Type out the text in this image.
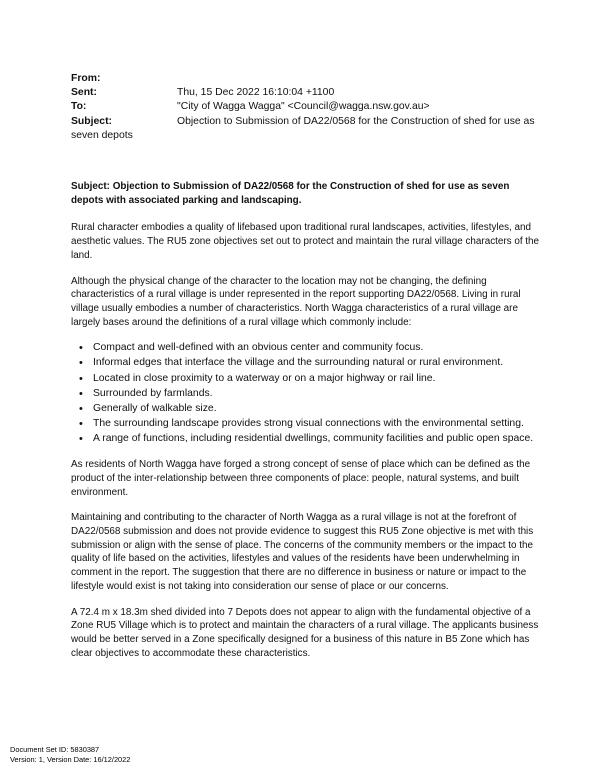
From:
Sent:	Thu, 15 Dec 2022 16:10:04 +1100
To:	"City of Wagga Wagga" <Council@wagga.nsw.gov.au>
Subject:	Objection to Submission of DA22/0568 for the Construction of shed for use as
seven depots

Subject: Objection to Submission of DA22/0568 for the Construction of shed for use as seven depots with associated parking and landscaping.

Rural character embodies a quality of lifebased upon traditional rural landscapes, activities, lifestyles, and aesthetic values. The RU5 zone objectives set out to protect and maintain the rural village characters of the land.

Although the physical change of the character to the location may not be changing, the defining characteristics of a rural village is under represented in the report supporting DA22/0568. Living in rural village usually embodies a number of characteristics. North Wagga characteristics of a rural village are largely bases around the definitions of a rural village which commonly include:

• Compact and well-defined with an obvious center and community focus.
• Informal edges that interface the village and the surrounding natural or rural environment.
• Located in close proximity to a waterway or on a major highway or rail line.
• Surrounded by farmlands.
• Generally of walkable size.
• The surrounding landscape provides strong visual connections with the environmental setting.
• A range of functions, including residential dwellings, community facilities and public open space.

As residents of North Wagga have forged a strong concept of sense of place which can be defined as the product of the inter-relationship between three components of place: people, natural systems, and built environment.

Maintaining and contributing to the character of North Wagga as a rural village is not at the forefront of DA22/0568 submission and does not provide evidence to suggest this RU5 Zone objective is met with this submission or align with the sense of place. The concerns of the community members or the impact to the quality of life based on the activities, lifestyles and values of the residents have been underwhelming in comment in the report. The suggestion that there are no difference in business or nature or impact to the lifestyle would exist is not taking into consideration our sense of place or our concerns.

A 72.4 m x 18.3m shed divided into 7 Depots does not appear to align with the fundamental objective of a Zone RU5 Village which is to protect and maintain the characters of a rural village. The applicants business would be better served in a Zone specifically designed for a business of this nature in B5 Zone which has clear objectives to accommodate these characteristics.

Document Set ID: 5830387
Version: 1, Version Date: 16/12/2022
